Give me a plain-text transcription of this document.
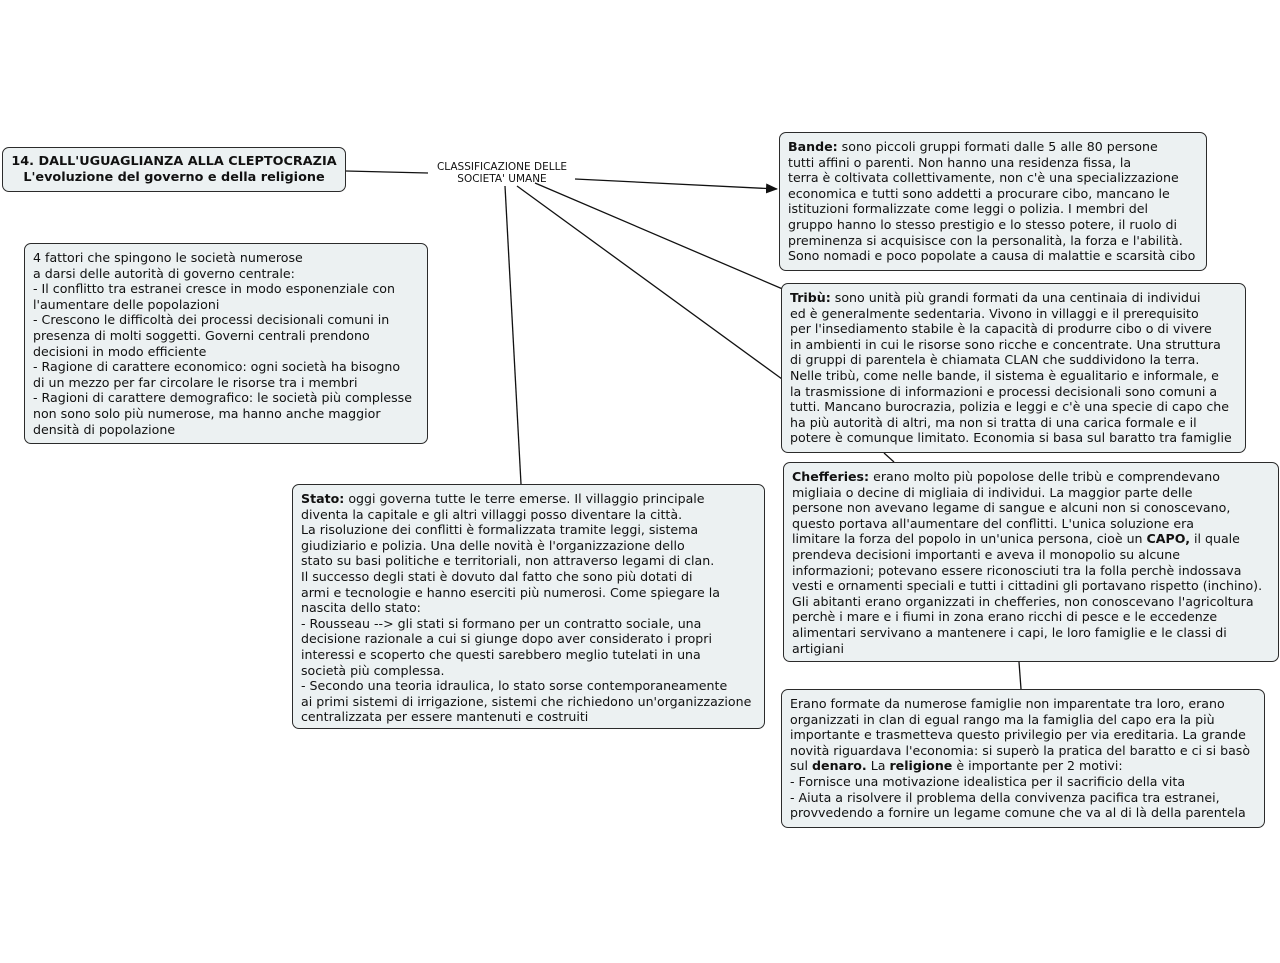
14. DALL'UGUAGLIANZA ALLA CLEPTOCRAZIA
L'evoluzione del governo e della religione
CLASSIFICAZIONE DELLE
SOCIETA' UMANE
Bande: sono piccoli gruppi formati dalle 5 alle 80 persone
tutti affini o parenti. Non hanno una residenza fissa, la
terra è coltivata collettivamente, non c'è una specializzazione
economica e tutti sono addetti a procurare cibo, mancano le
istituzioni formalizzate come leggi o polizia. I membri del
gruppo hanno lo stesso prestigio e lo stesso potere, il ruolo di
preminenza si acquisisce con la personalità, la forza e l'abilità.
Sono nomadi e poco popolate a causa di malattie e scarsità cibo
Tribù: sono unità più grandi formati da una centinaia di individui
ed è generalmente sedentaria. Vivono in villaggi e il prerequisito
per l'insediamento stabile è la capacità di produrre cibo o di vivere
in ambienti in cui le risorse sono ricche e concentrate. Una struttura
di gruppi di parentela è chiamata CLAN che suddividono la terra.
Nelle tribù, come nelle bande, il sistema è egualitario e informale, e
la trasmissione di informazioni e processi decisionali sono comuni a
tutti. Mancano burocrazia, polizia e leggi e c'è una specie di capo che
ha più autorità di altri, ma non si tratta di una carica formale e il
potere è comunque limitato. Economia si basa sul baratto tra famiglie
Chefferies: erano molto più popolose delle tribù e comprendevano
migliaia o decine di migliaia di individui. La maggior parte delle
persone non avevano legame di sangue e alcuni non si conoscevano,
questo portava all'aumentare del conflitti. L'unica soluzione era
limitare la forza del popolo in un'unica persona, cioè un CAPO, il quale
prendeva decisioni importanti e aveva il monopolio su alcune
informazioni; potevano essere riconosciuti tra la folla perchè indossava
vesti e ornamenti speciali e tutti i cittadini gli portavano rispetto (inchino).
Gli abitanti erano organizzati in chefferies, non conoscevano l'agricoltura
perchè i mare e i fiumi in zona erano ricchi di pesce e le eccedenze
alimentari servivano a mantenere i capi, le loro famiglie e le classi di
artigiani
Erano formate da numerose famiglie non imparentate tra loro, erano
organizzati in clan di egual rango ma la famiglia del capo era la più
importante e trasmetteva questo privilegio per via ereditaria. La grande
novità riguardava l'economia: si superò la pratica del baratto e ci si basò
sul denaro. La religione è importante per 2 motivi:
- Fornisce una motivazione idealistica per il sacrificio della vita
- Aiuta a risolvere il problema della convivenza pacifica tra estranei,
provvedendo a fornire un legame comune che va al di là della parentela
4 fattori che spingono le società numerose
a darsi delle autorità di governo centrale:
- Il conflitto tra estranei cresce in modo esponenziale con
l'aumentare delle popolazioni
- Crescono le difficoltà dei processi decisionali comuni in
presenza di molti soggetti. Governi centrali prendono
decisioni in modo efficiente
- Ragione di carattere economico: ogni società ha bisogno
di un mezzo per far circolare le risorse tra i membri
- Ragioni di carattere demografico: le società più complesse
non sono solo più numerose, ma hanno anche maggior
densità di popolazione
Stato: oggi governa tutte le terre emerse. Il villaggio principale
diventa la capitale e gli altri villaggi posso diventare la città.
La risoluzione dei conflitti è formalizzata tramite leggi, sistema
giudiziario e polizia. Una delle novità è l'organizzazione dello
stato su basi politiche e territoriali, non attraverso legami di clan.
Il successo degli stati è dovuto dal fatto che sono più dotati di
armi e tecnologie e hanno eserciti più numerosi. Come spiegare la
nascita dello stato:
- Rousseau --> gli stati si formano per un contratto sociale, una
decisione razionale a cui si giunge dopo aver considerato i propri
interessi e scoperto che questi sarebbero meglio tutelati in una
società più complessa.
- Secondo una teoria idraulica, lo stato sorse contemporaneamente
ai primi sistemi di irrigazione, sistemi che richiedono un'organizzazione
centralizzata per essere mantenuti e costruiti
